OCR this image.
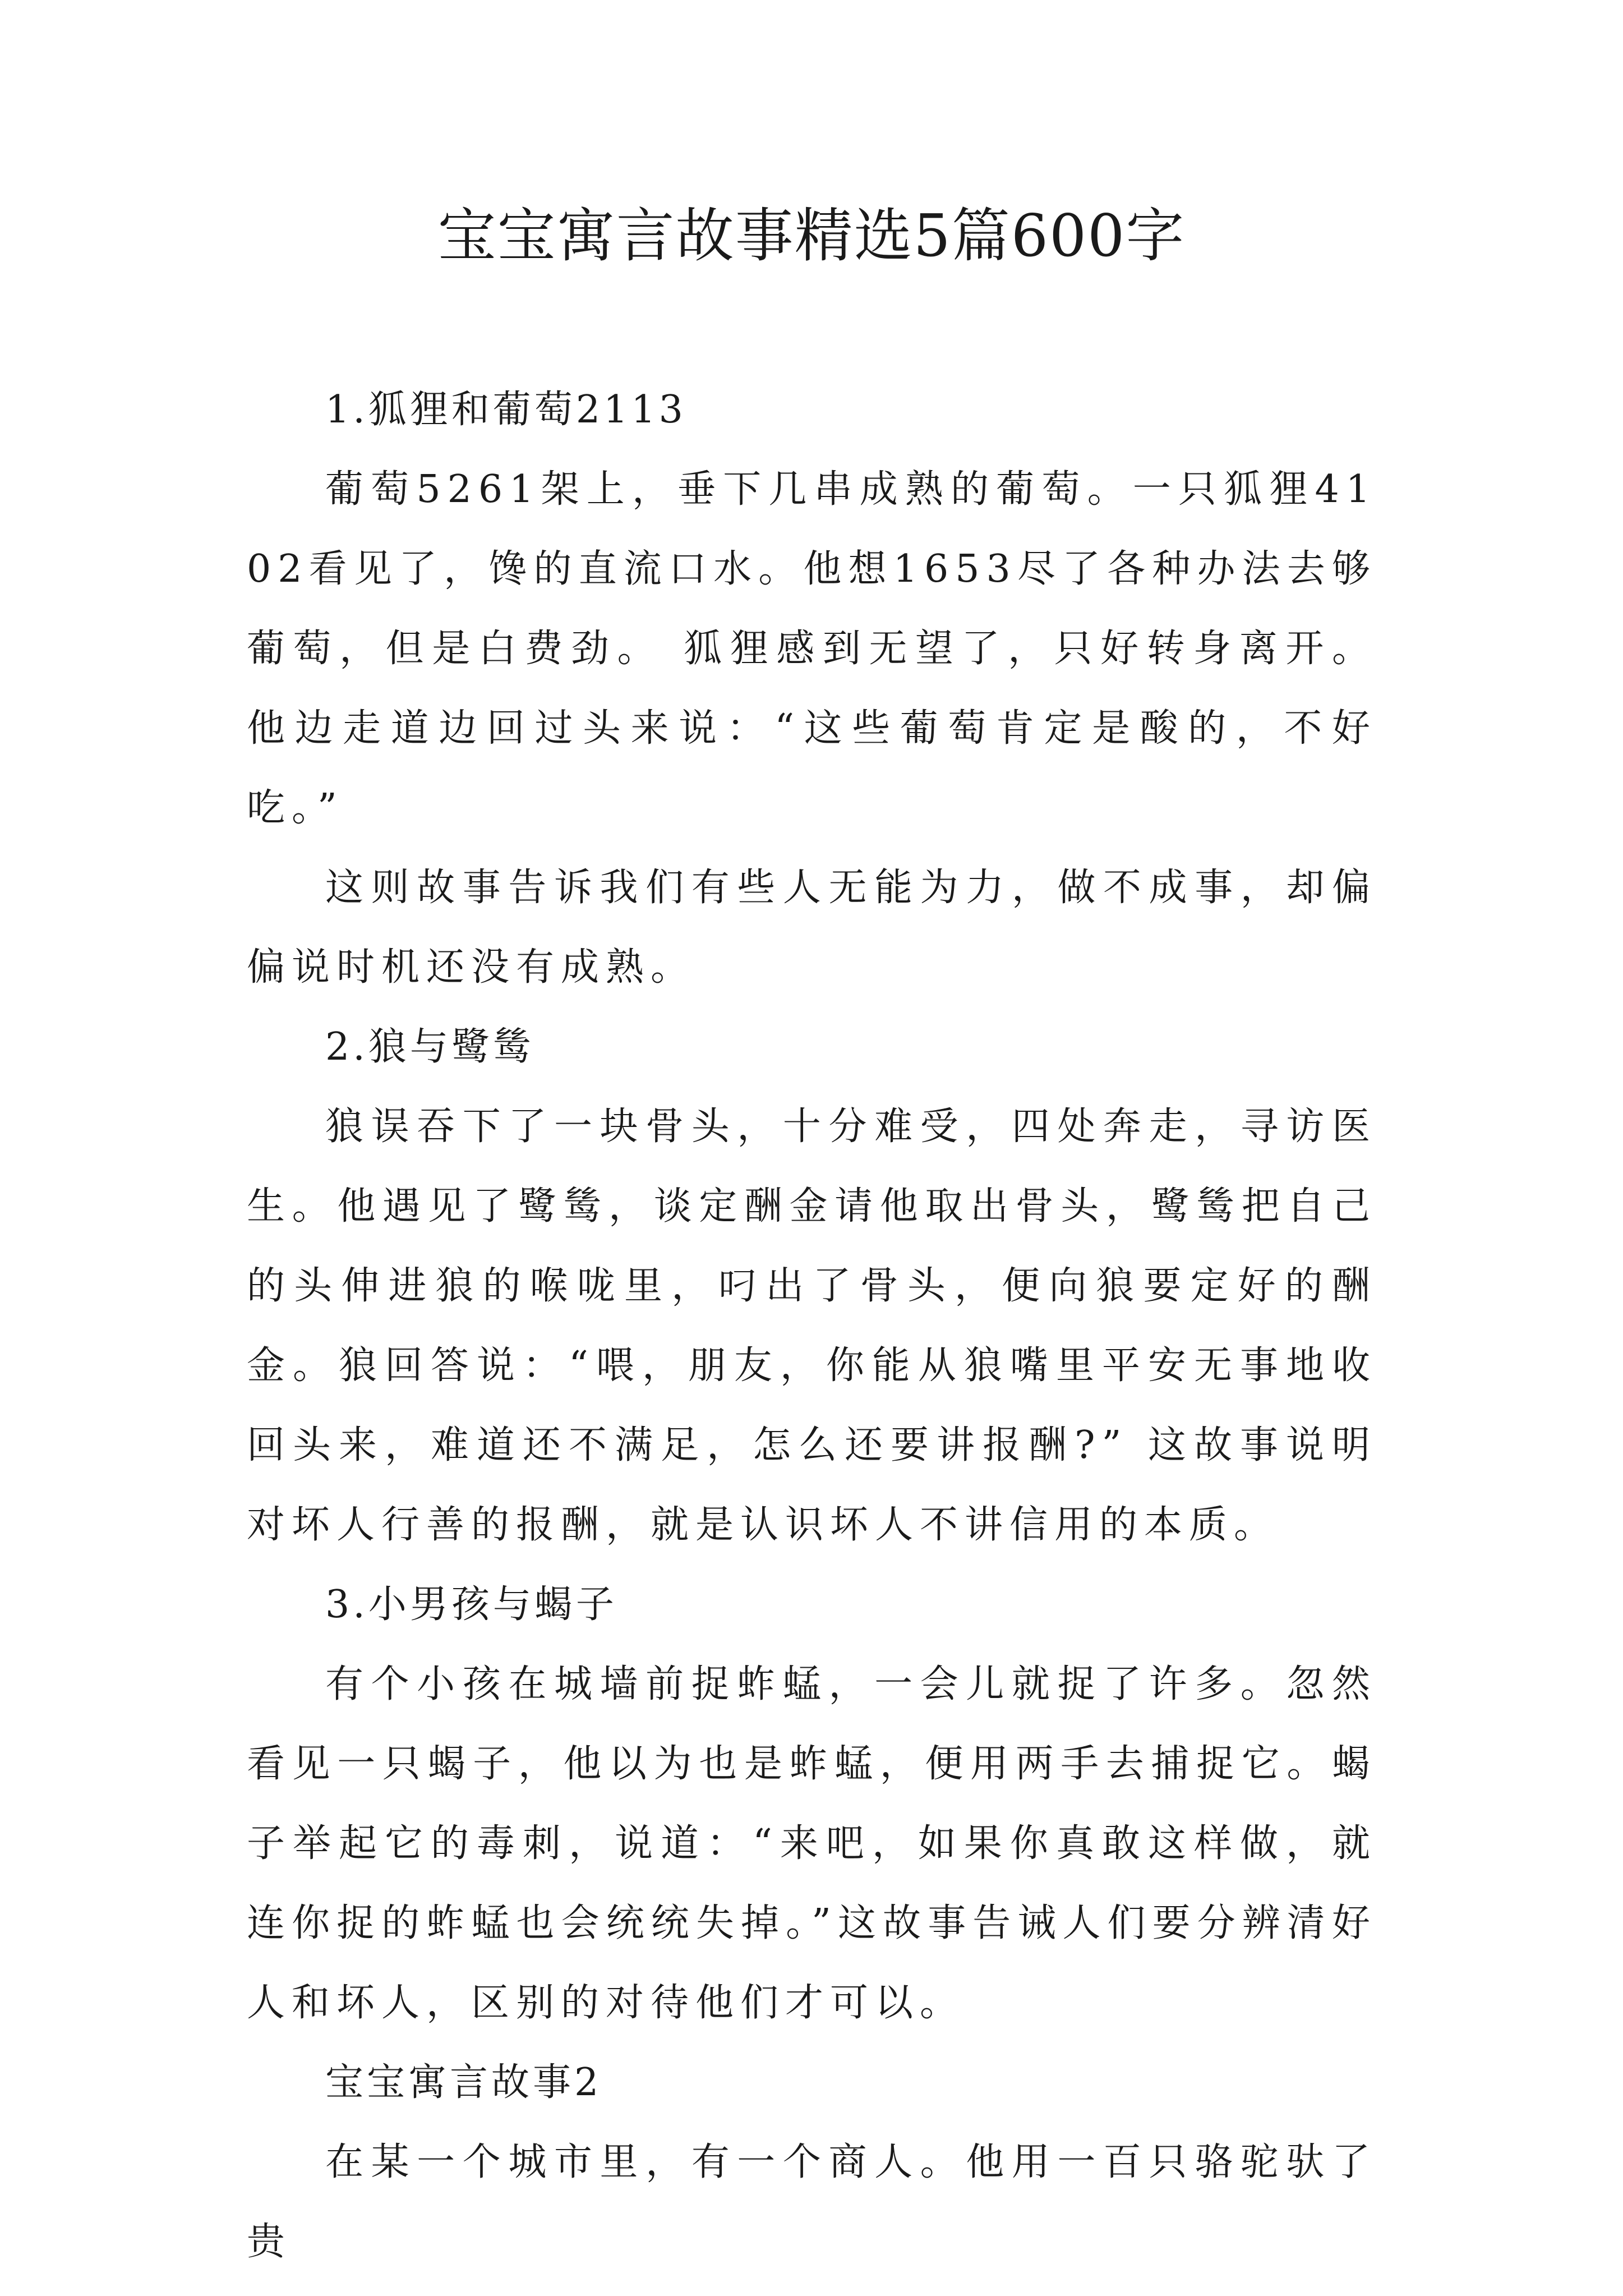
宝宝寓言故事精选5篇600字

1.狐狸和葡萄2113

葡萄5261架上，垂下几串成熟的葡萄。一只狐狸4102看见了，馋的直流口水。他想1653尽了各种办法去够葡萄，但是白费劲。 狐狸感到无望了，只好转身离开。他边走道边回过头来说：“这些葡萄肯定是酸的，不好吃。”

这则故事告诉我们有些人无能为力，做不成事，却偏偏说时机还没有成熟。

2.狼与鹭鸶

狼误吞下了一块骨头，十分难受，四处奔走，寻访医生。他遇见了鹭鸶，谈定酬金请他取出骨头，鹭鸶把自己的头伸进狼的喉咙里，叼出了骨头，便向狼要定好的酬金。狼回答说：“喂，朋友，你能从狼嘴里平安无事地收回头来，难道还不满足，怎么还要讲报酬?” 这故事说明对坏人行善的报酬，就是认识坏人不讲信用的本质。

3.小男孩与蝎子

有个小孩在城墙前捉蚱蜢，一会儿就捉了许多。忽然看见一只蝎子，他以为也是蚱蜢，便用两手去捕捉它。蝎子举起它的毒刺，说道：“来吧，如果你真敢这样做，就连你捉的蚱蜢也会统统失掉。”这故事告诫人们要分辨清好人和坏人，区别的对待他们才可以。

宝宝寓言故事2

在某一个城市里，有一个商人。他用一百只骆驼驮了贵
